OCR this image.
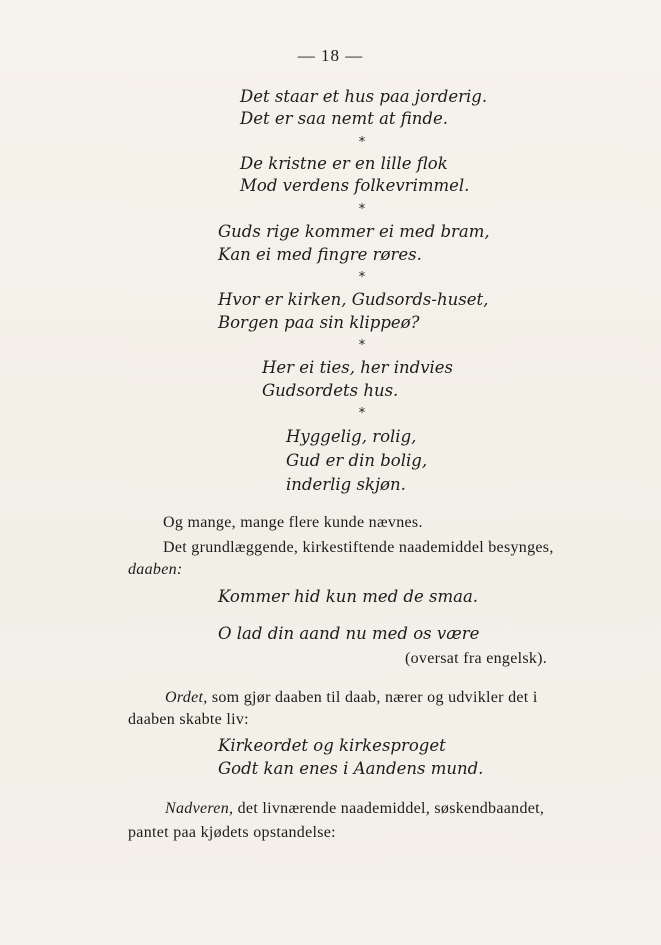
— 18 —
Det staar et hus paa jorderig.
Det er saa nemt at finde.
*
De kristne er en lille flok
Mod verdens folkevrimmel.
*
Guds rige kommer ei med bram,
Kan ei med fingre røres.
*
Hvor er kirken, Gudsords-huset,
Borgen paa sin klippeø?
*
Her ei ties, her indvies
Gudsordets hus.
*
Hyggelig, rolig,
Gud er din bolig,
inderlig skjøn.
Og mange, mange flere kunde nævnes.
Det grundlæggende, kirkestiftende naademiddel besynges,
daaben:
Kommer hid kun med de smaa.
O lad din aand nu med os være
(oversat fra engelsk).
Ordet, som gjør daaben til daab, nærer og udvikler det i
daaben skabte liv:
Kirkeordet og kirkesproget
Godt kan enes i Aandens mund.
Nadveren, det livnærende naademiddel, søskendbaandet,
pantet paa kjødets opstandelse:
